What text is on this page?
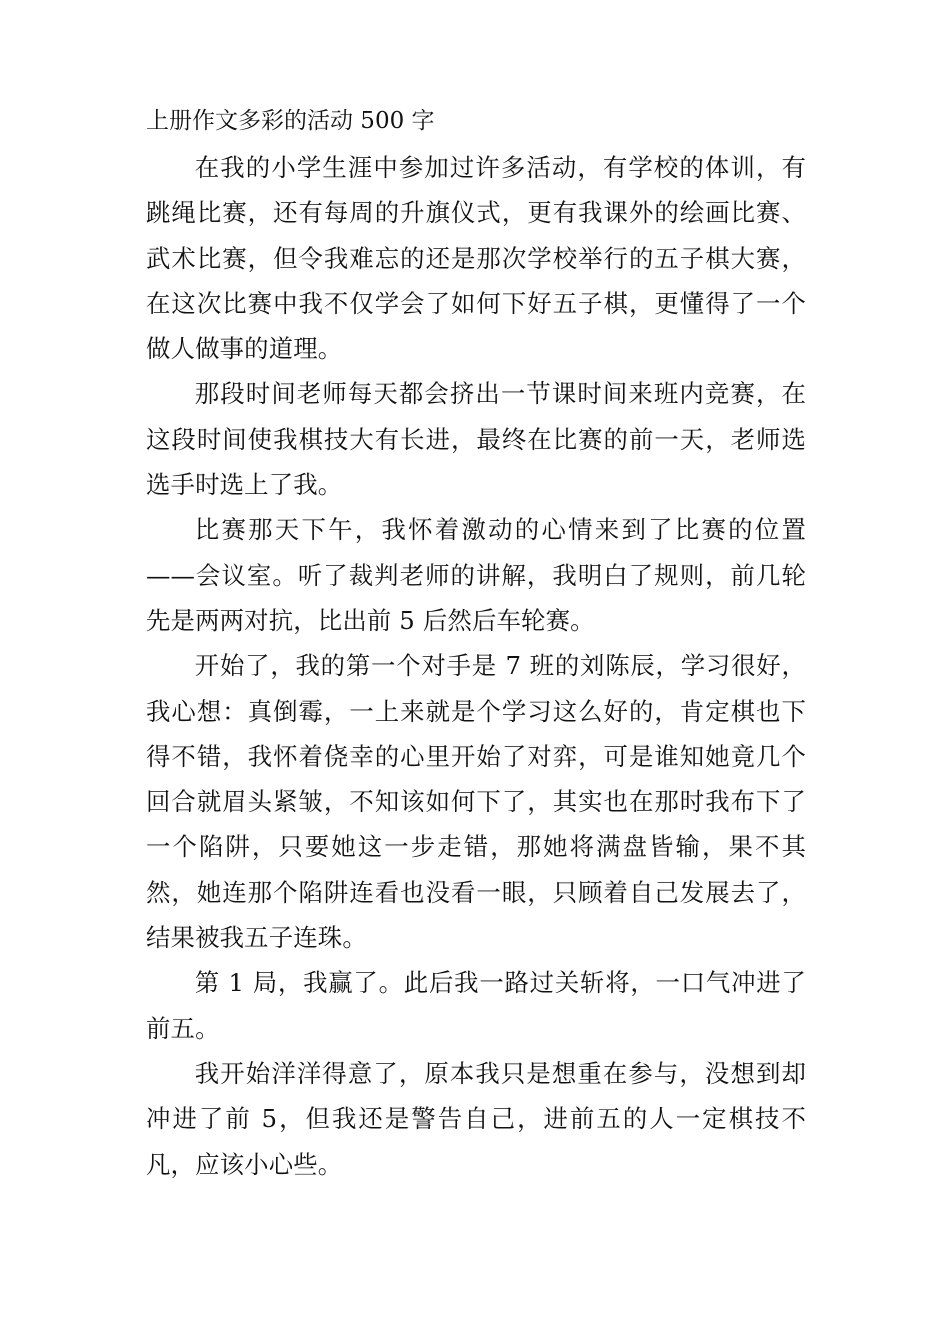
上册作文多彩的活动 500 字

在我的小学生涯中参加过许多活动，有学校的体训，有跳绳比赛，还有每周的升旗仪式，更有我课外的绘画比赛、武术比赛，但令我难忘的还是那次学校举行的五子棋大赛，在这次比赛中我不仅学会了如何下好五子棋，更懂得了一个做人做事的道理。

那段时间老师每天都会挤出一节课时间来班内竞赛，在这段时间使我棋技大有长进，最终在比赛的前一天，老师选选手时选上了我。

比赛那天下午，我怀着激动的心情来到了比赛的位置——会议室。听了裁判老师的讲解，我明白了规则，前几轮先是两两对抗，比出前 5 后然后车轮赛。

开始了，我的第一个对手是 7 班的刘陈辰，学习很好，我心想：真倒霉，一上来就是个学习这么好的，肯定棋也下得不错，我怀着侥幸的心里开始了对弈，可是谁知她竟几个回合就眉头紧皱，不知该如何下了，其实也在那时我布下了一个陷阱，只要她这一步走错，那她将满盘皆输，果不其然，她连那个陷阱连看也没看一眼，只顾着自己发展去了，结果被我五子连珠。

第 1 局，我赢了。此后我一路过关斩将，一口气冲进了前五。

我开始洋洋得意了，原本我只是想重在参与，没想到却冲进了前 5，但我还是警告自己，进前五的人一定棋技不凡，应该小心些。
